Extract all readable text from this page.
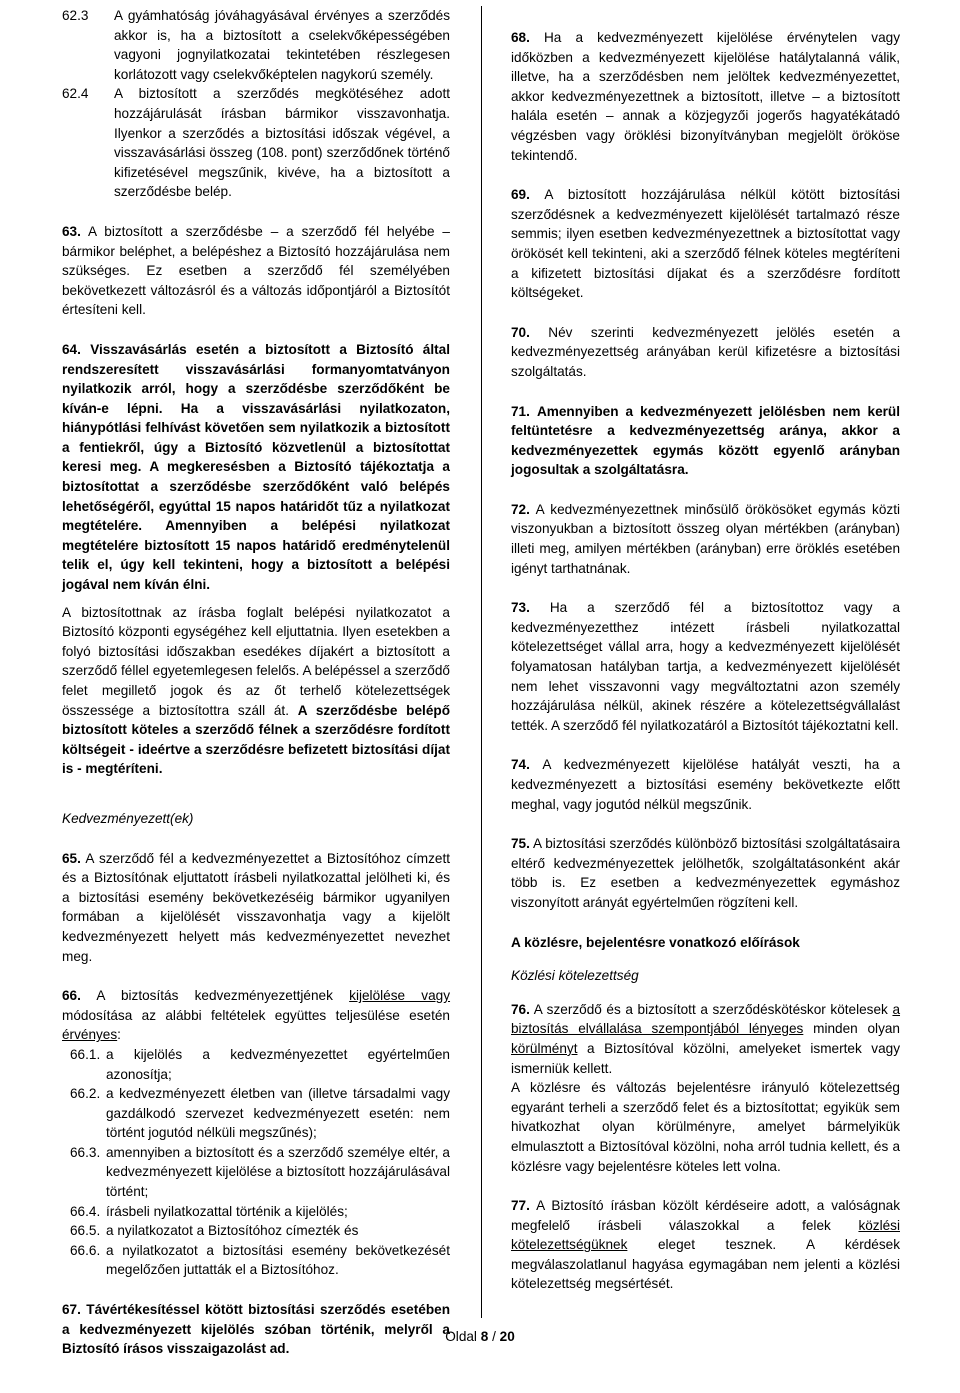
62.3	A gyámhatóság jóváhagyásával érvényes a szerződés akkor is, ha a biztosított a cselekvőképességében vagyoni jognyilatkozatai tekintetében részlegesen korlátozott vagy cselekvőképtelen nagykorú személy.
62.4	A biztosított a szerződés megkötéséhez adott hozzájárulását írásban bármikor visszavonhatja. Ilyenkor a szerződés a biztosítási időszak végével, a visszavásárlási összeg (108. pont) szerződőnek történő kifizetésével megszűnik, kivéve, ha a biztosított a szerződésbe belép.

63. A biztosított a szerződésbe – a szerződő fél helyébe – bármikor beléphet, a belépéshez a Biztosító hozzájárulása nem szükséges. Ez esetben a szerződő fél személyében bekövetkezett változásról és a változás időpontjáról a Biztosítót értesíteni kell.

64. Visszavásárlás esetén a biztosított a Biztosító által rendszeresített visszavásárlási formanyomtatványon nyilatkozik arról, hogy a szerződésbe szerződőként be kíván-e lépni. Ha a visszavásárlási nyilatkozaton, hiánypótlási felhívást követően sem nyilatkozik a biztosított a fentiekről, úgy a Biztosító közvetlenül a biztosítottat keresi meg. A megkeresésben a Biztosító tájékoztatja a biztosítottat a szerződésbe szerződőként való belépés lehetőségéről, egyúttal 15 napos határidőt tűz a nyilatkozat megtételére. Amennyiben a belépési nyilatkozat megtételére biztosított 15 napos határidő eredménytelenül telik el, úgy kell tekinteni, hogy a biztosított a belépési jogával nem kíván élni.

A biztosítottnak az írásba foglalt belépési nyilatkozatot a Biztosító központi egységéhez kell eljuttatnia. Ilyen esetekben a folyó biztosítási időszakban esedékes díjakért a biztosított a szerződő féllel egyetemlegesen felelős. A belépéssel a szerződő felet megillető jogok és az őt terhelő kötelezettségek összessége a biztosítottra száll át. A szerződésbe belépő biztosított köteles a szerződő félnek a szerződésre fordított költségeit - ideértve a szerződésre befizetett biztosítási díjat is - megtéríteni.

Kedvezményezett(ek)

65. A szerződő fél a kedvezményezettet a Biztosítóhoz címzett és a Biztosítónak eljuttatott írásbeli nyilatkozattal jelölheti ki, és a biztosítási esemény bekövetkezéséig bármikor ugyanilyen formában a kijelölését visszavonhatja vagy a kijelölt kedvezményezett helyett más kedvezményezettet nevezhet meg.

66. A biztosítás kedvezményezettjének kijelölése vagy módosítása az alábbi feltételek együttes teljesülése esetén érvényes:

66.1. a kijelölés a kedvezményezettet egyértelműen azonosítja;
66.2. a kedvezményezett életben van (illetve társadalmi vagy gazdálkodó szervezet kedvezményezett esetén: nem történt jogutód nélküli megszűnés);
66.3. amennyiben a biztosított és a szerződő személye eltér, a kedvezményezett kijelölése a biztosított hozzájárulásával történt;
66.4. írásbeli nyilatkozattal történik a kijelölés;
66.5. a nyilatkozatot a Biztosítóhoz címezték és
66.6. a nyilatkozatot a biztosítási esemény bekövetkezését megelőzően juttatták el a Biztosítóhoz.

67. Távértékesítéssel kötött biztosítási szerződés esetében a kedvezményezett kijelölés szóban történik, melyről a Biztosító írásos visszaigazolást ad.

68. Ha a kedvezményezett kijelölése érvénytelen vagy időközben a kedvezményezett kijelölése hatálytalanná válik, illetve, ha a szerződésben nem jelöltek kedvezményezettet, akkor kedvezményezettnek a biztosított, illetve – a biztosított halála esetén – annak a közjegyzői jogerős hagyatékátadó végzésben vagy öröklési bizonyítványban megjelölt örököse tekintendő.

69. A biztosított hozzájárulása nélkül kötött biztosítási szerződésnek a kedvezményezett kijelölését tartalmazó része semmis; ilyen esetben kedvezményezettnek a biztosítottat vagy örökösét kell tekinteni, aki a szerződő félnek köteles megtéríteni a kifizetett biztosítási díjakat és a szerződésre fordított költségeket.

70. Név szerinti kedvezményezett jelölés esetén a kedvezményezettség arányában kerül kifizetésre a biztosítási szolgáltatás.

71. Amennyiben a kedvezményezett jelölésben nem kerül feltüntetésre a kedvezményezettség aránya, akkor a kedvezményezettek egymás között egyenlő arányban jogosultak a szolgáltatásra.

72. A kedvezményezettnek minősülő örökösöket egymás közti viszonyukban a biztosított összeg olyan mértékben (arányban) illeti meg, amilyen mértékben (arányban) erre öröklés esetében igényt tarthatnának.

73. Ha a szerződő fél a biztosítottoz vagy a kedvezményezetthez intézett írásbeli nyilatkozattal kötelezettséget vállal arra, hogy a kedvezményezett kijelölését folyamatosan hatályban tartja, a kedvezményezett kijelölését nem lehet visszavonni vagy megváltoztatni azon személy hozzájárulása nélkül, akinek részére a kötelezettségvállalást tették. A szerződő fél nyilatkozatáról a Biztosítót tájékoztatni kell.

74. A kedvezményezett kijelölése hatályát veszti, ha a kedvezményezett a biztosítási esemény bekövetkezte előtt meghal, vagy jogutód nélkül megszűnik.

75. A biztosítási szerződés különböző biztosítási szolgáltatásaira eltérő kedvezményezettek jelölhetők, szolgáltatásonként akár több is. Ez esetben a kedvezményezettek egymáshoz viszonyított arányát egyértelműen rögzíteni kell.

A közlésre, bejelentésre vonatkozó előírások

Közlési kötelezettség

76. A szerződő és a biztosított a szerződéskötéskor kötelesek a biztosítás elvállalása szempontjából lényeges minden olyan körülményt a Biztosítóval közölni, amelyeket ismertek vagy ismerniük kellett.

A közlésre és változás bejelentésre irányuló kötelezettség egyaránt terheli a szerződő felet és a biztosítottat; egyikük sem hivatkozhat olyan körülményre, amelyet bármelyikük elmulasztott a Biztosítóval közölni, noha arról tudnia kellett, és a közlésre vagy bejelentésre köteles lett volna.

77. A Biztosító írásban közölt kérdéseire adott, a valóságnak megfelelő írásbeli válaszokkal a felek közlési kötelezettségüknek eleget tesznek. A kérdések megválaszolatlanul hagyása egymagában nem jelenti a közlési kötelezettség megsértését.

Oldal 8 / 20
